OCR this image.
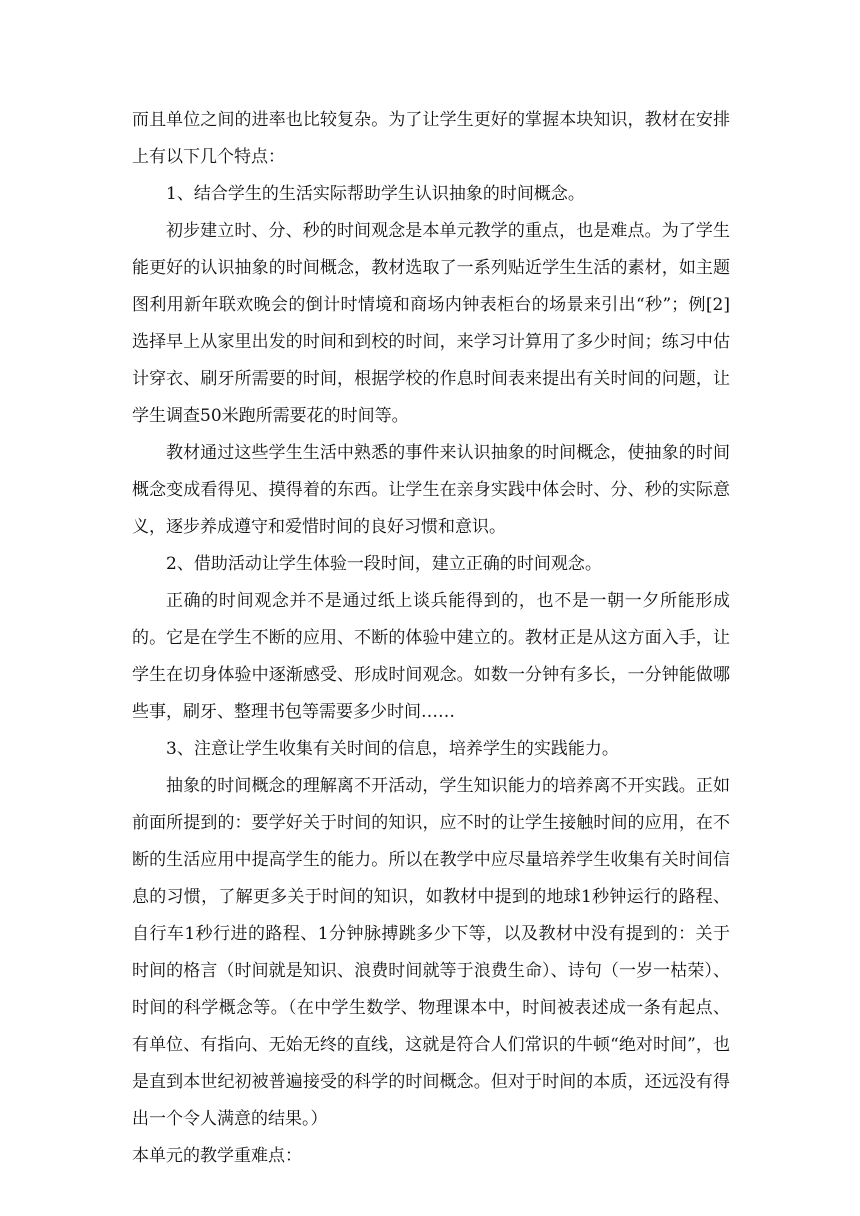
而且单位之间的进率也比较复杂。为了让学生更好的掌握本块知识，教材在安排上有以下几个特点：

1、结合学生的生活实际帮助学生认识抽象的时间概念。

初步建立时、分、秒的时间观念是本单元教学的重点，也是难点。为了学生能更好的认识抽象的时间概念，教材选取了一系列贴近学生生活的素材，如主题图利用新年联欢晚会的倒计时情境和商场内钟表柜台的场景来引出“秒”；例[2]选择早上从家里出发的时间和到校的时间，来学习计算用了多少时间；练习中估计穿衣、刷牙所需要的时间，根据学校的作息时间表来提出有关时间的问题，让学生调查50米跑所需要花的时间等。

教材通过这些学生生活中熟悉的事件来认识抽象的时间概念，使抽象的时间概念变成看得见、摸得着的东西。让学生在亲身实践中体会时、分、秒的实际意义，逐步养成遵守和爱惜时间的良好习惯和意识。

2、借助活动让学生体验一段时间，建立正确的时间观念。

正确的时间观念并不是通过纸上谈兵能得到的，也不是一朝一夕所能形成的。它是在学生不断的应用、不断的体验中建立的。教材正是从这方面入手，让学生在切身体验中逐渐感受、形成时间观念。如数一分钟有多长，一分钟能做哪些事，刷牙、整理书包等需要多少时间……

3、注意让学生收集有关时间的信息，培养学生的实践能力。

抽象的时间概念的理解离不开活动，学生知识能力的培养离不开实践。正如前面所提到的：要学好关于时间的知识，应不时的让学生接触时间的应用，在不断的生活应用中提高学生的能力。所以在教学中应尽量培养学生收集有关时间信息的习惯，了解更多关于时间的知识，如教材中提到的地球1秒钟运行的路程、自行车1秒行进的路程、1分钟脉搏跳多少下等，以及教材中没有提到的：关于时间的格言（时间就是知识、浪费时间就等于浪费生命）、诗句（一岁一枯荣）、时间的科学概念等。（在中学生数学、物理课本中，时间被表述成一条有起点、有单位、有指向、无始无终的直线，这就是符合人们常识的牛顿“绝对时间”，也是直到本世纪初被普遍接受的科学的时间概念。但对于时间的本质，还远没有得出一个令人满意的结果。）

本单元的教学重难点：
